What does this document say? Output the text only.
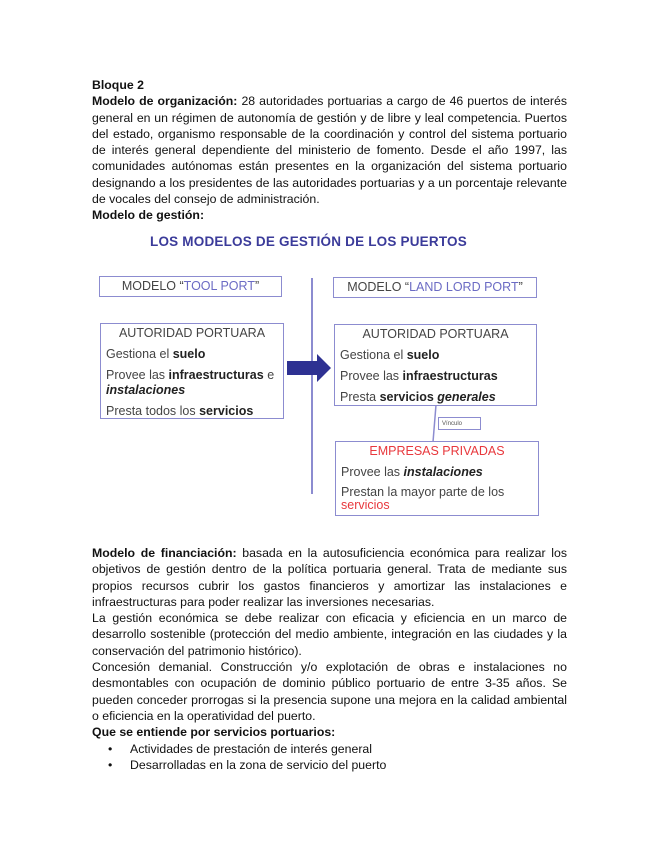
Bloque 2

Modelo de organización: 28 autoridades portuarias a cargo de 46 puertos de interés general en un régimen de autonomía de gestión y de libre y leal competencia. Puertos del estado, organismo responsable de la coordinación y control del sistema portuario de interés general dependiente del ministerio de fomento. Desde el año 1997, las comunidades autónomas están presentes en la organización del sistema portuario designando a los presidentes de las autoridades portuarias y a un porcentaje relevante de vocales del consejo de administración.

Modelo de gestión:

LOS MODELOS DE GESTIÓN DE LOS PUERTOS
MODELO “TOOL PORT”	MODELO “LAND LORD PORT”
AUTORIDAD PORTUARA
Gestiona el suelo
Provee las infraestructuras e instalaciones
Presta todos los servicios
AUTORIDAD PORTUARA
Gestiona el suelo
Provee las infraestructuras
Presta servicios generales
Vínculo
EMPRESAS PRIVADAS
Provee las instalaciones
Prestan la mayor parte de los servicios

Modelo de financiación: basada en la autosuficiencia económica para realizar los objetivos de gestión dentro de la política portuaria general. Trata de mediante sus propios recursos cubrir los gastos financieros y amortizar las instalaciones e infraestructuras para poder realizar las inversiones necesarias.

La gestión económica se debe realizar con eficacia y eficiencia en un marco de desarrollo sostenible (protección del medio ambiente, integración en las ciudades y la conservación del patrimonio histórico).

Concesión demanial. Construcción y/o explotación de obras e instalaciones no desmontables con ocupación de dominio público portuario de entre 3-35 años. Se pueden conceder prorrogas si la presencia supone una mejora en la calidad ambiental o eficiencia en la operatividad del puerto.

Que se entiende por servicios portuarios:

• Actividades de prestación de interés general
• Desarrolladas en la zona de servicio del puerto
